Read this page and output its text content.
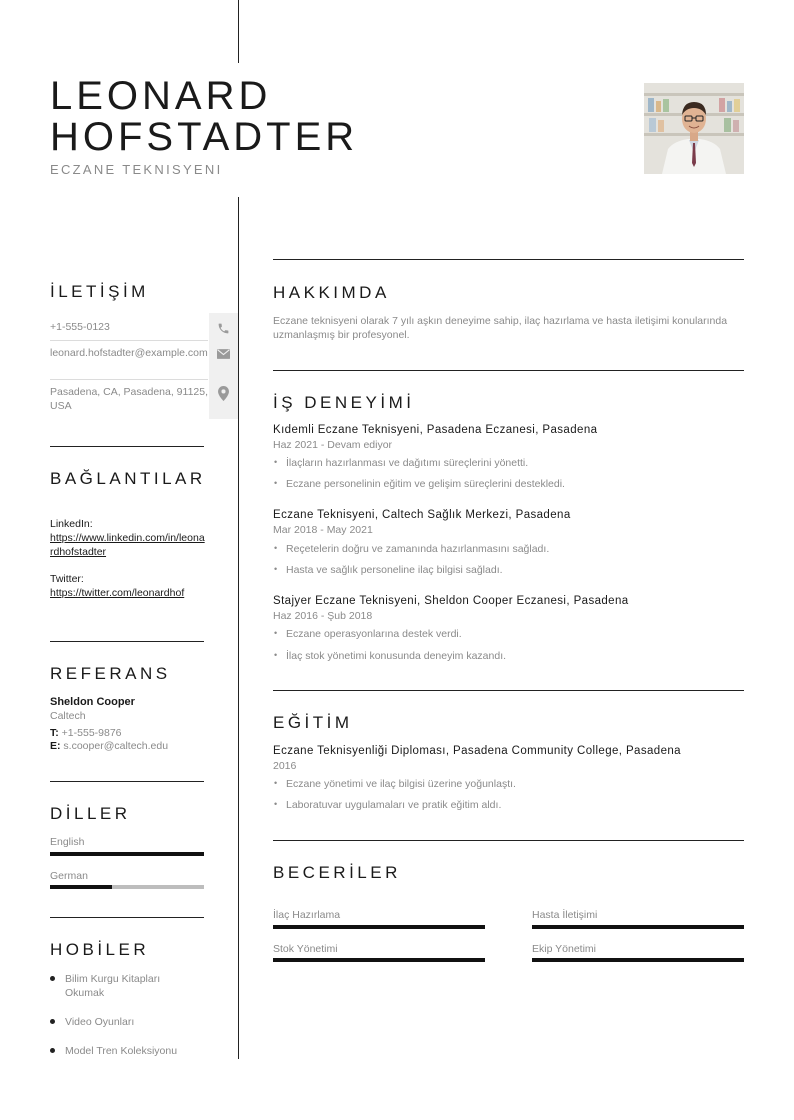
LEONARD
HOFSTADTER
ECZANE TEKNISYENI
İLETİŞİM
+1-555-0123
leonard.hofstadter@example.com
Pasadena, CA, Pasadena, 91125, USA
BAĞLANTILAR
LinkedIn:
https://www.linkedin.com/in/leonardhofstadter
Twitter:
https://twitter.com/leonardhof
REFERANS
Sheldon Cooper
Caltech
T: +1-555-9876
E: s.cooper@caltech.edu
DİLLER
English
German
HOBİLER
Bilim Kurgu Kitapları Okumak
Video Oyunları
Model Tren Koleksiyonu
HAKKIMDA
Eczane teknisyeni olarak 7 yılı aşkın deneyime sahip, ilaç hazırlama ve hasta iletişimi konularında uzmanlaşmış bir profesyonel.
İŞ DENEYİMİ
Kıdemli Eczane Teknisyeni, Pasadena Eczanesi, Pasadena
Haz 2021 - Devam ediyor
• İlaçların hazırlanması ve dağıtımı süreçlerini yönetti.
• Eczane personelinin eğitim ve gelişim süreçlerini destekledi.
Eczane Teknisyeni, Caltech Sağlık Merkezi, Pasadena
Mar 2018 - May 2021
• Reçetelerin doğru ve zamanında hazırlanmasını sağladı.
• Hasta ve sağlık personeline ilaç bilgisi sağladı.
Stajyer Eczane Teknisyeni, Sheldon Cooper Eczanesi, Pasadena
Haz 2016 - Şub 2018
• Eczane operasyonlarına destek verdi.
• İlaç stok yönetimi konusunda deneyim kazandı.
EĞİTİM
Eczane Teknisyenliği Diploması, Pasadena Community College, Pasadena
2016
• Eczane yönetimi ve ilaç bilgisi üzerine yoğunlaştı.
• Laboratuvar uygulamaları ve pratik eğitim aldı.
BECERİLER
İlaç Hazırlama	Hasta İletişimi
Stok Yönetimi	Ekip Yönetimi
